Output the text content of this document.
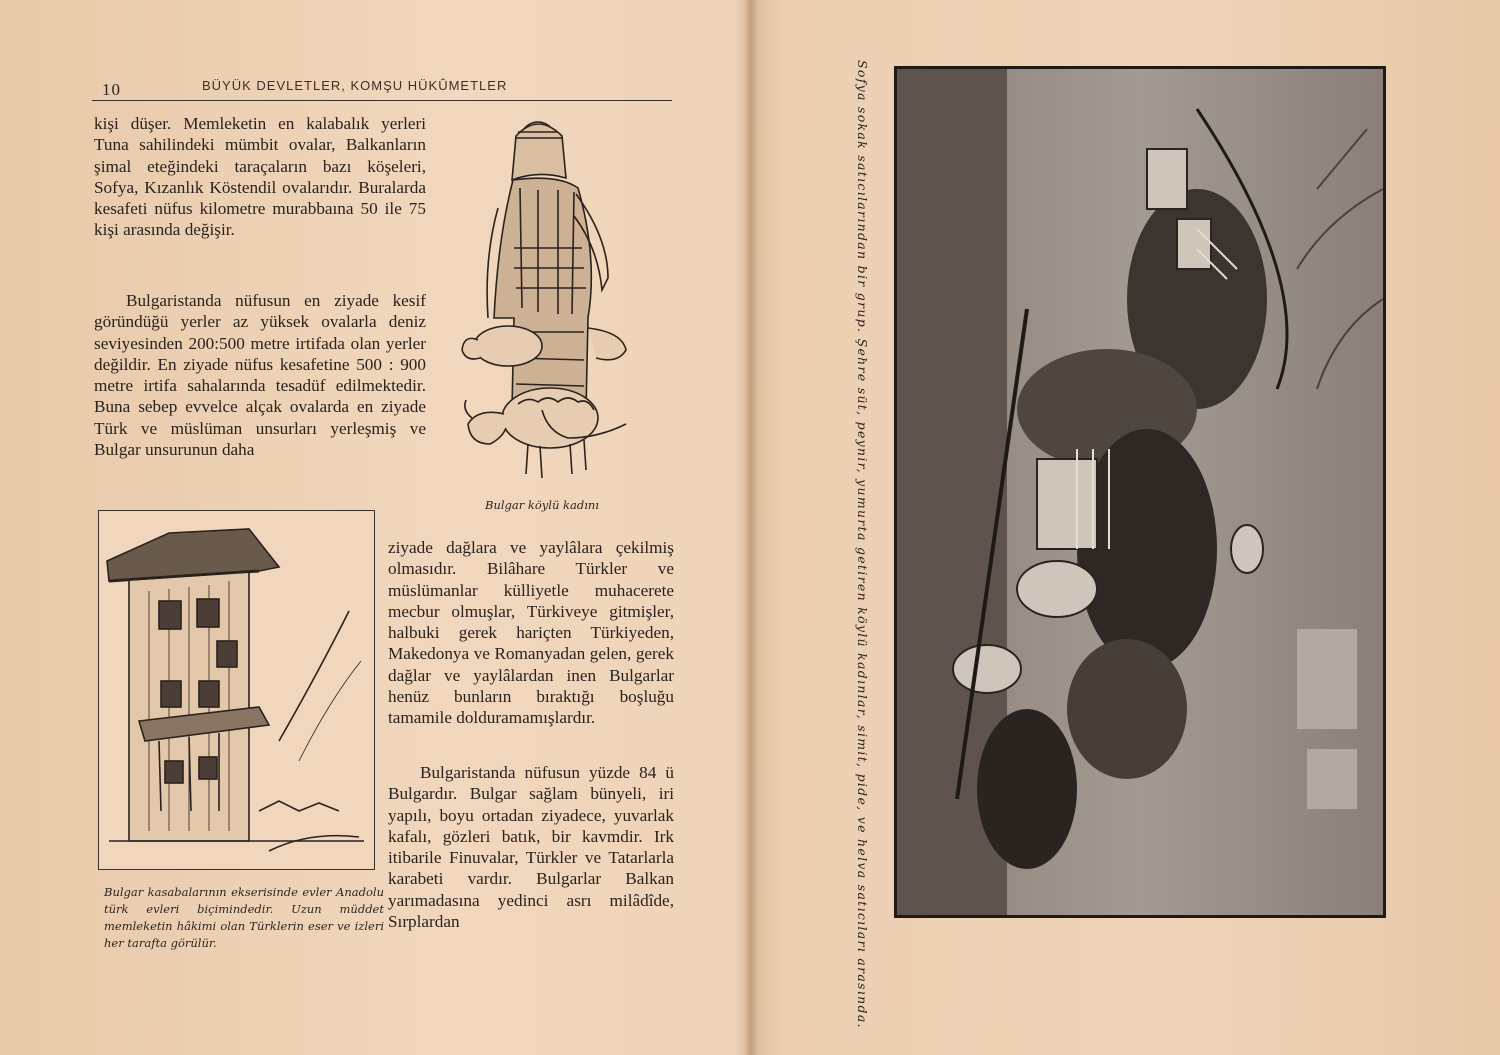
10	BÜYÜK DEVLETLER, KOMŞU HÜKÛMETLER

kişi düşer. Memleketin en kalabalık yerleri Tuna sahilindeki mümbit ovalar, Balkanların şimal eteğindeki taraçaların bazı köşeleri, Sofya, Kızanlık Köstendil ovalarıdır. Buralarda kesafeti nüfus kilometre murabbaına 50 ile 75 kişi arasında değişir.

Bulgaristanda nüfusun en ziyade kesif göründüğü yerler az yüksek ovalarla deniz seviyesinden 200:500 metre irtifada olan yerler değildir. En ziyade nüfus kesafetine 500 : 900 metre irtifa sahalarında tesadüf edilmektedir. Buna sebep evvelce alçak ovalarda en ziyade Türk ve müslüman unsurları yerleşmiş ve Bulgar unsurunun daha

Bulgar köylü kadını
Bulgar kasabalarının ekserisinde evler Anadolu türk evleri biçimindedir. Uzun müddet memleketin hâkimi olan Türklerin eser ve izleri her tarafta görülür.

ziyade dağlara ve yaylâlara çekilmiş olmasıdır. Bilâhare Türkler ve müslümanlar külliyetle muhacerete mecbur olmuşlar, Türkiveye gitmişler, halbuki gerek hariçten Türkiyeden, Makedonya ve Romanyadan gelen, gerek dağlar ve yaylâlardan inen Bulgarlar henüz bunların bıraktığı boşluğu tamamile dolduramamışlardır.

Bulgaristanda nüfusun yüzde 84 ü Bulgardır. Bulgar sağlam bünyeli, iri yapılı, boyu ortadan ziyadece, yuvarlak kafalı, gözleri batık, bir kavmdir. Irk itibarile Finuvalar, Türkler ve Tatarlarla karabeti vardır. Bulgarlar Balkan yarımadasına yedinci asrı milâdîde, Sırplardan	Sofya sokak satıcılarından bir grup. Şehre süt, peynir, yumurta getiren köylü kadınlar, simit, pide, ve helva satıcıları arasında.
